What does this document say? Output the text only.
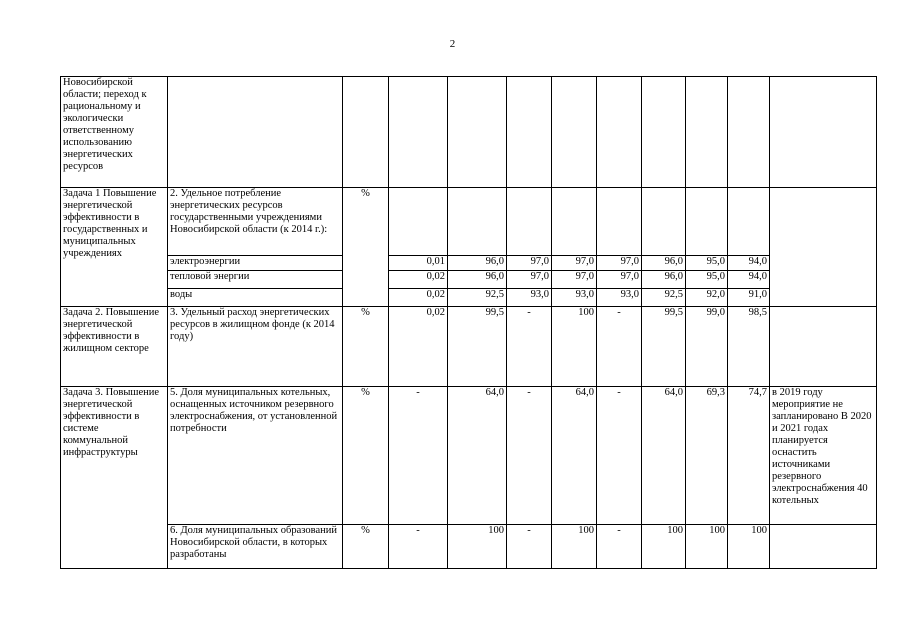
2
Новосибирской области; переход к рациональному и экологически ответственному использованию энергетических ресурсов											
Задача 1 Повышение энергетической эффективности в государственных и муниципальных учреждениях	2. Удельное потребление энергетических ресурсов государственными учреждениями Новосибирской области (к 2014 г.):	%									
	электроэнергии		0,01	96,0	97,0	97,0	97,0	96,0	95,0	94,0	
	тепловой энергии		0,02	96,0	97,0	97,0	97,0	96,0	95,0	94,0	
	воды		0,02	92,5	93,0	93,0	93,0	92,5	92,0	91,0	
Задача 2. Повышение энергетической эффективности в жилищном секторе	3. Удельный расход энергетических ресурсов в жилищном фонде (к 2014 году)	%	0,02	99,5	-	100	-	99,5	99,0	98,5	
Задача 3. Повышение энергетической эффективности в системе коммунальной инфраструктуры	5. Доля муниципальных котельных, оснащенных источником резервного электроснабжения, от установленной потребности	%	-	64,0	-	64,0	-	64,0	69,3	74,7	в 2019 году мероприятие не запланировано В 2020 и 2021 годах планируется оснастить источниками резервного электроснабжения 40 котельных
	6. Доля муниципальных образований Новосибирской области, в которых разработаны	%	-	100	-	100	-	100	100	100	
